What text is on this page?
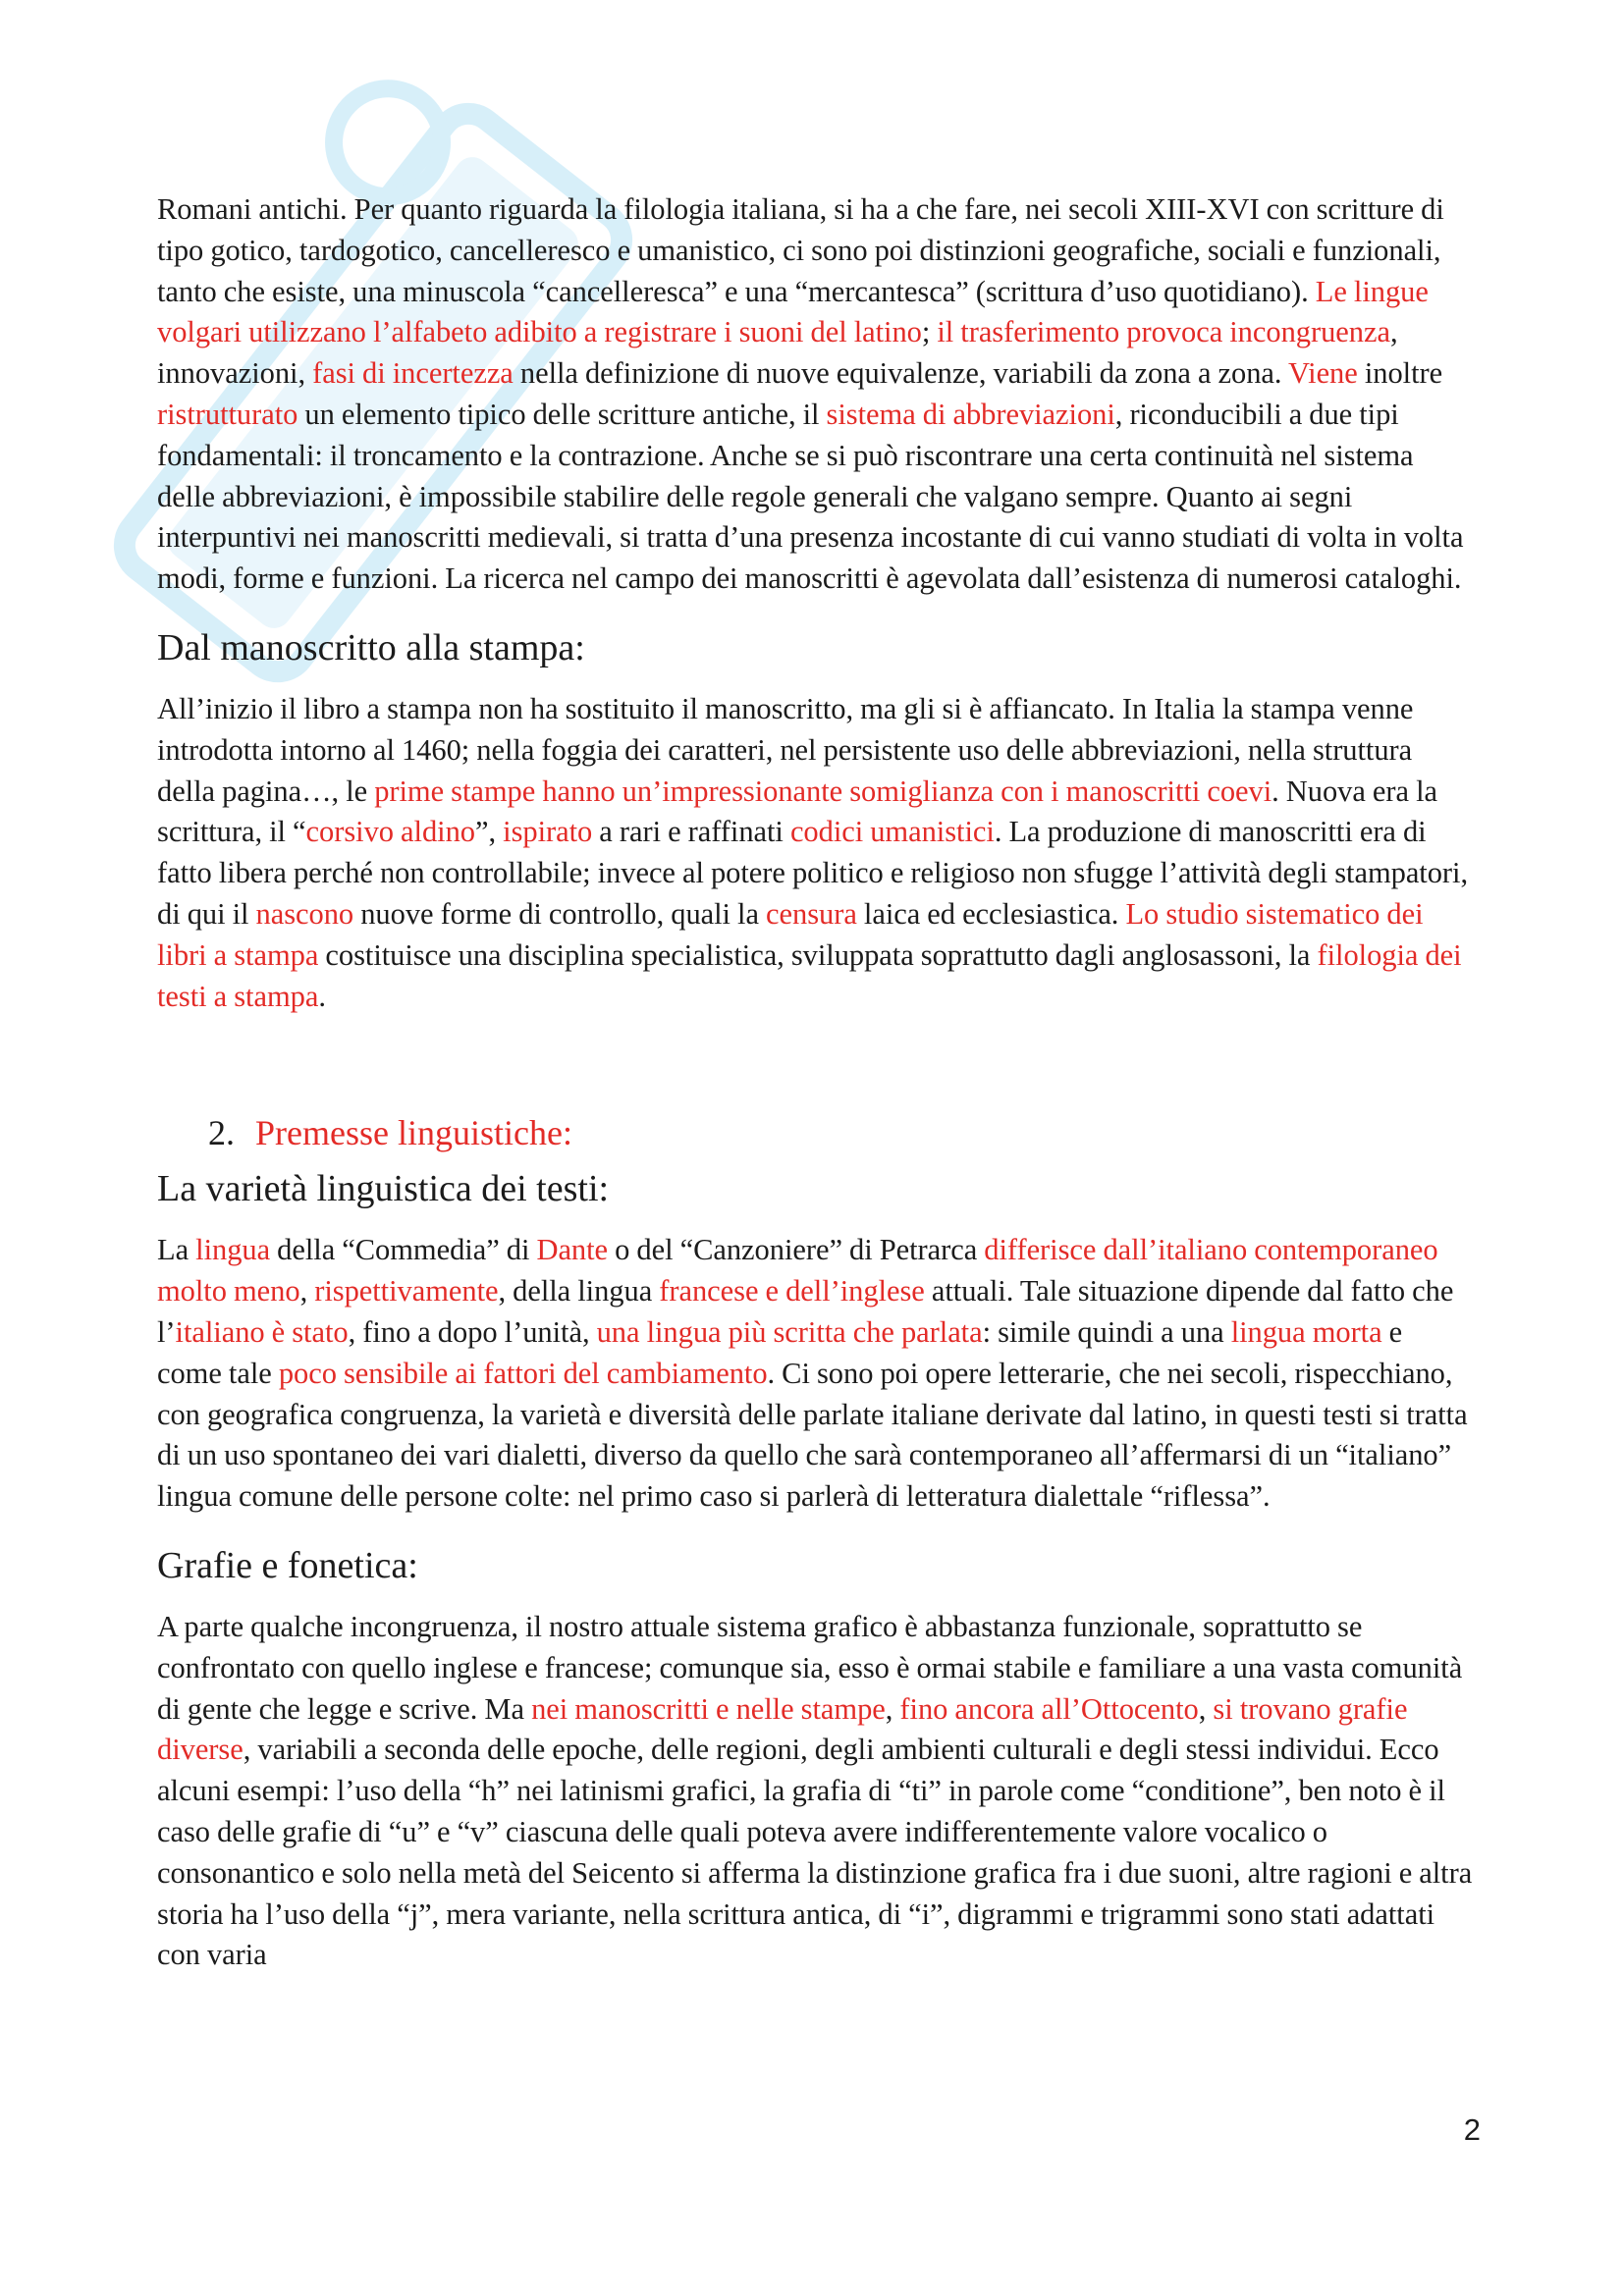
Romani antichi. Per quanto riguarda la filologia italiana, si ha a che fare, nei secoli XIII-XVI con scritture di tipo gotico, tardogotico, cancelleresco e umanistico, ci sono poi distinzioni geografiche, sociali e funzionali, tanto che esiste, una minuscola “cancelleresca” e una “mercantesca” (scrittura d’uso quotidiano). Le lingue volgari utilizzano l’alfabeto adibito a registrare i suoni del latino; il trasferimento provoca incongruenza, innovazioni, fasi di incertezza nella definizione di nuove equivalenze, variabili da zona a zona. Viene inoltre ristrutturato un elemento tipico delle scritture antiche, il sistema di abbreviazioni, riconducibili a due tipi fondamentali: il troncamento e la contrazione. Anche se si può riscontrare una certa continuità nel sistema delle abbreviazioni, è impossibile stabilire delle regole generali che valgano sempre. Quanto ai segni interpuntivi nei manoscritti medievali, si tratta d’una presenza incostante di cui vanno studiati di volta in volta modi, forme e funzioni. La ricerca nel campo dei manoscritti è agevolata dall’esistenza di numerosi cataloghi.

Dal manoscritto alla stampa:

All’inizio il libro a stampa non ha sostituito il manoscritto, ma gli si è affiancato. In Italia la stampa venne introdotta intorno al 1460; nella foggia dei caratteri, nel persistente uso delle abbreviazioni, nella struttura della pagina…, le prime stampe hanno un’impressionante somiglianza con i manoscritti coevi. Nuova era la scrittura, il “corsivo aldino”, ispirato a rari e raffinati codici umanistici. La produzione di manoscritti era di fatto libera perché non controllabile; invece al potere politico e religioso non sfugge l’attività degli stampatori, di qui il nascono nuove forme di controllo, quali la censura laica ed ecclesiastica. Lo studio sistematico dei libri a stampa costituisce una disciplina specialistica, sviluppata soprattutto dagli anglosassoni, la filologia dei testi a stampa.

2. Premesse linguistiche:
La varietà linguistica dei testi:

La lingua della “Commedia” di Dante o del “Canzoniere” di Petrarca differisce dall’italiano contemporaneo molto meno, rispettivamente, della lingua francese e dell’inglese attuali. Tale situazione dipende dal fatto che l’italiano è stato, fino a dopo l’unità, una lingua più scritta che parlata: simile quindi a una lingua morta e come tale poco sensibile ai fattori del cambiamento. Ci sono poi opere letterarie, che nei secoli, rispecchiano, con geografica congruenza, la varietà e diversità delle parlate italiane derivate dal latino, in questi testi si tratta di un uso spontaneo dei vari dialetti, diverso da quello che sarà contemporaneo all’affermarsi di un “italiano” lingua comune delle persone colte: nel primo caso si parlerà di letteratura dialettale “riflessa”.

Grafie e fonetica:

A parte qualche incongruenza, il nostro attuale sistema grafico è abbastanza funzionale, soprattutto se confrontato con quello inglese e francese; comunque sia, esso è ormai stabile e familiare a una vasta comunità di gente che legge e scrive. Ma nei manoscritti e nelle stampe, fino ancora all’Ottocento, si trovano grafie diverse, variabili a seconda delle epoche, delle regioni, degli ambienti culturali e degli stessi individui. Ecco alcuni esempi: l’uso della “h” nei latinismi grafici, la grafia di “ti” in parole come “conditione”, ben noto è il caso delle grafie di “u” e “v” ciascuna delle quali poteva avere indifferentemente valore vocalico o consonantico e solo nella metà del Seicento si afferma la distinzione grafica fra i due suoni, altre ragioni e altra storia ha l’uso della “j”, mera variante, nella scrittura antica, di “i”, digrammi e trigrammi sono stati adattati con varia

2
